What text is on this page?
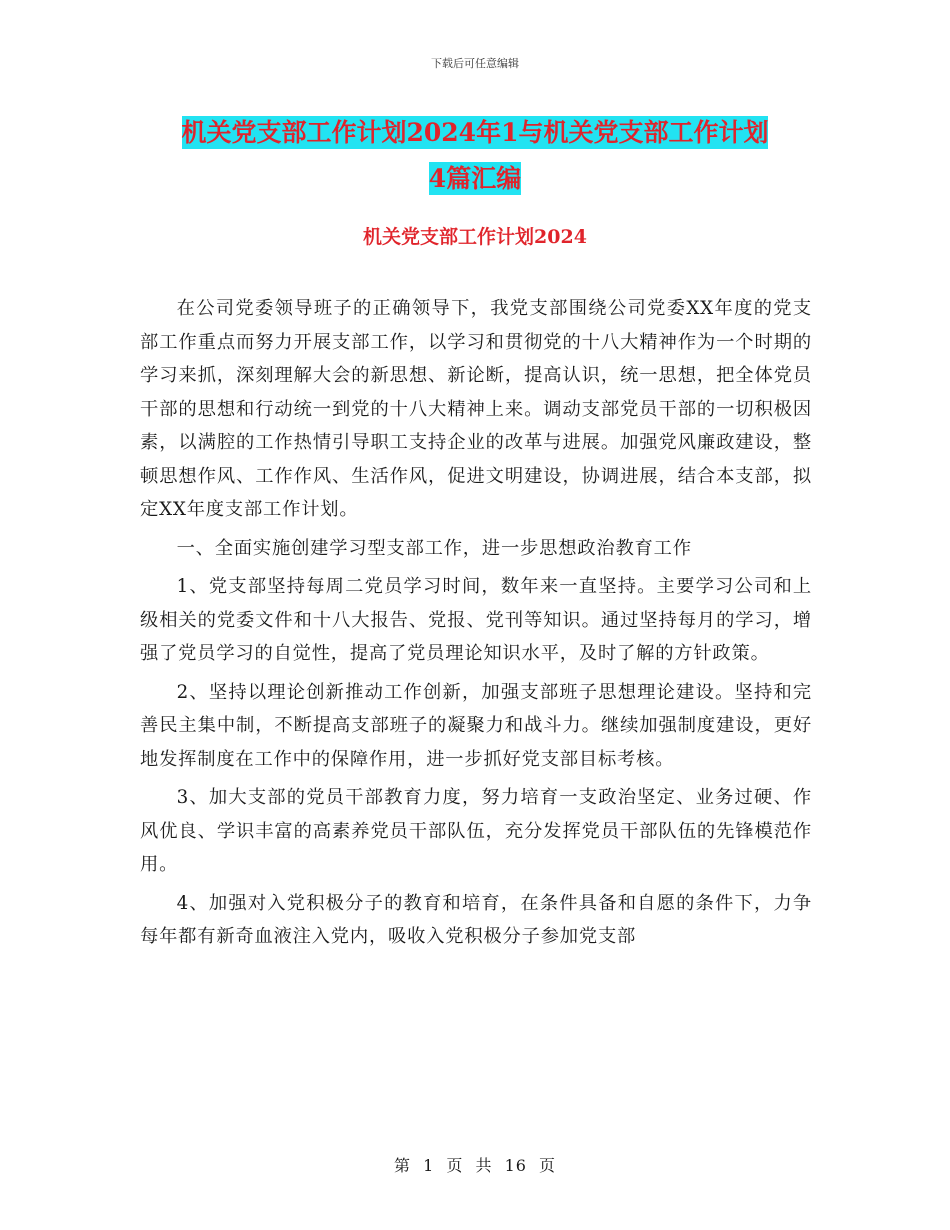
下载后可任意编辑
机关党支部工作计划2024年1与机关党支部工作计划
4篇汇编
机关党支部工作计划2024

在公司党委领导班子的正确领导下，我党支部围绕公司党委XX年度的党支部工作重点而努力开展支部工作，以学习和贯彻党的十八大精神作为一个时期的学习来抓，深刻理解大会的新思想、新论断，提高认识，统一思想，把全体党员干部的思想和行动统一到党的十八大精神上来。调动支部党员干部的一切积极因素，以满腔的工作热情引导职工支持企业的改革与进展。加强党风廉政建设，整顿思想作风、工作作风、生活作风，促进文明建设，协调进展，结合本支部，拟定XX年度支部工作计划。

一、全面实施创建学习型支部工作，进一步思想政治教育工作

1、党支部坚持每周二党员学习时间，数年来一直坚持。主要学习公司和上级相关的党委文件和十八大报告、党报、党刊等知识。通过坚持每月的学习，增强了党员学习的自觉性，提高了党员理论知识水平，及时了解的方针政策。

2、坚持以理论创新推动工作创新，加强支部班子思想理论建设。坚持和完善民主集中制，不断提高支部班子的凝聚力和战斗力。继续加强制度建设，更好地发挥制度在工作中的保障作用，进一步抓好党支部目标考核。

3、加大支部的党员干部教育力度，努力培育一支政治坚定、业务过硬、作风优良、学识丰富的高素养党员干部队伍，充分发挥党员干部队伍的先锋模范作用。

4、加强对入党积极分子的教育和培育，在条件具备和自愿的条件下，力争每年都有新奇血液注入党内，吸收入党积极分子参加党支部

第 1 页 共 16 页
